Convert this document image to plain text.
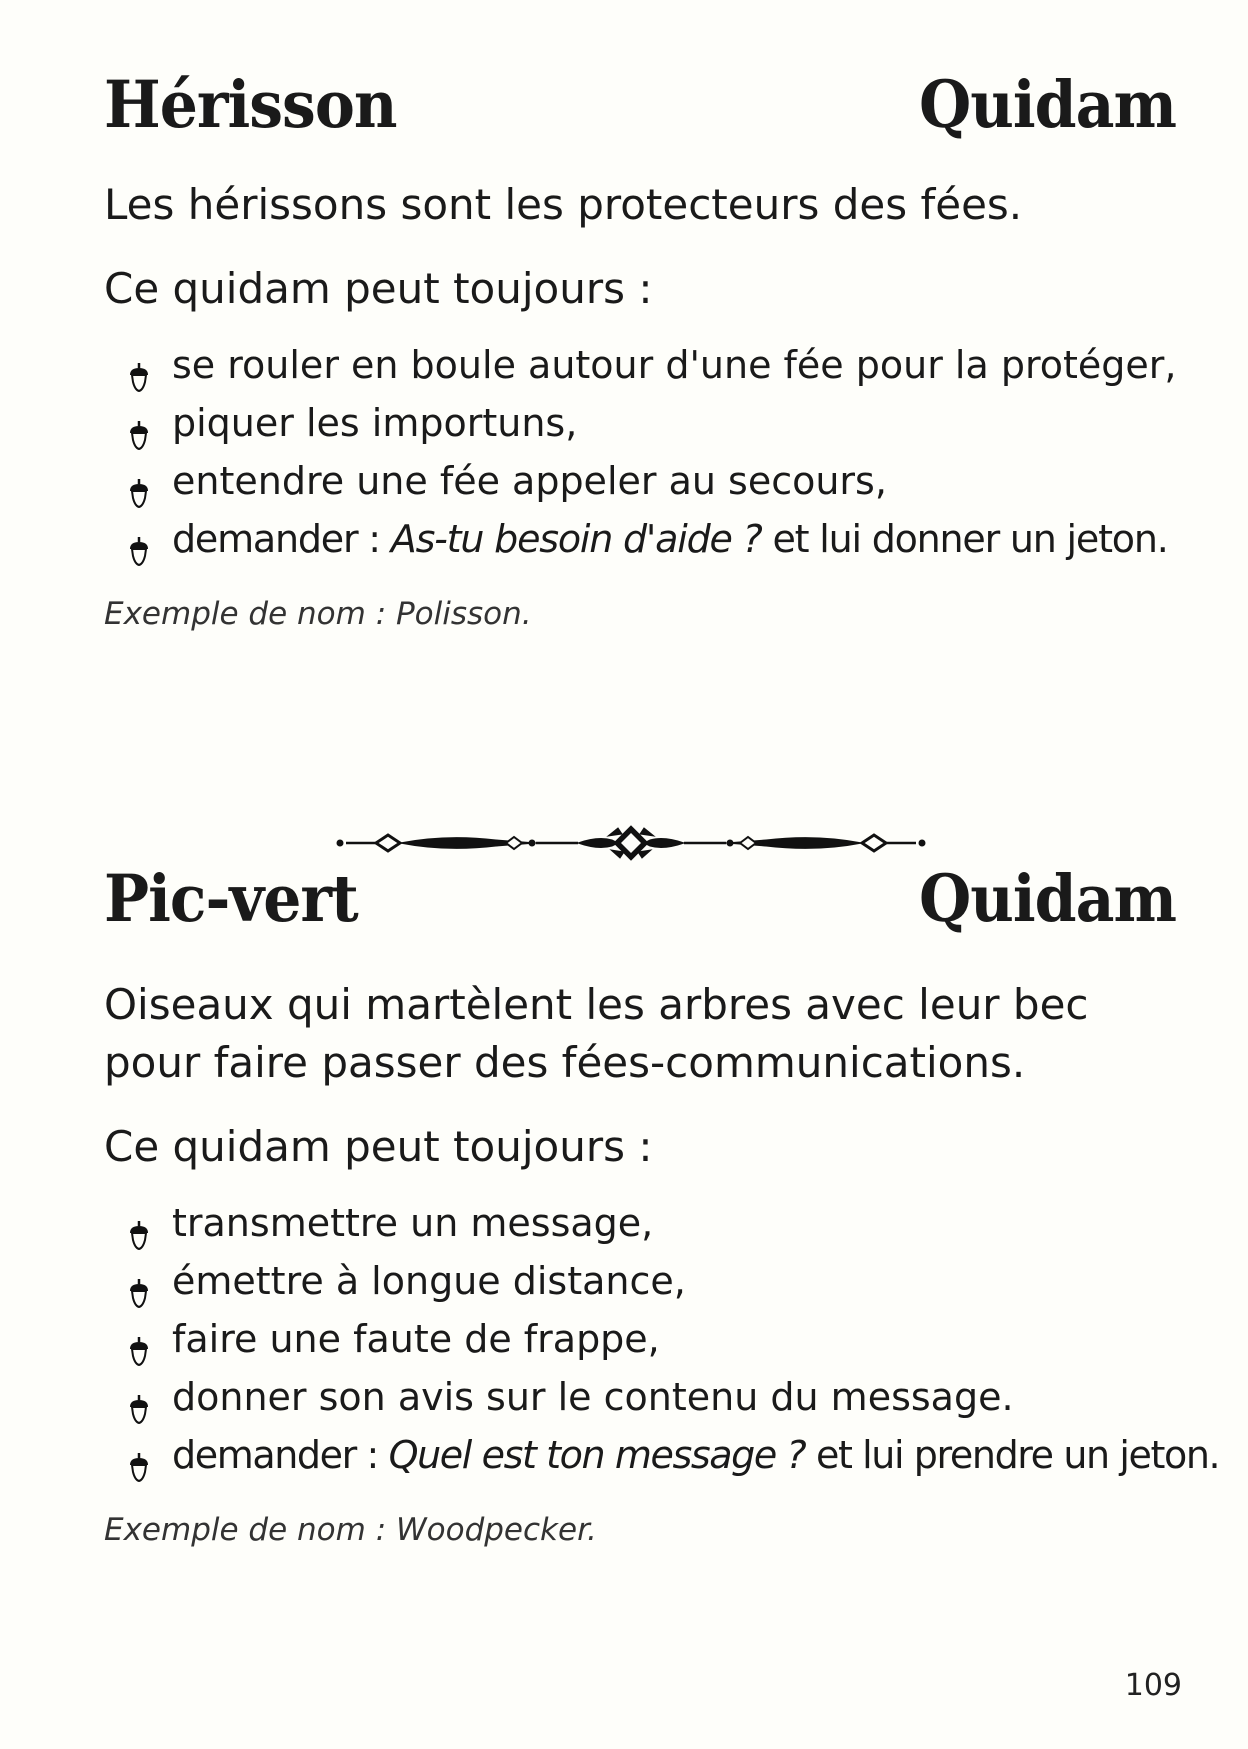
Hérisson	Quidam

Les hérissons sont les protecteurs des fées.

Ce quidam peut toujours :

se rouler en boule autour d'une fée pour la protéger,
piquer les importuns,
entendre une fée appeler au secours,
demander : As-tu besoin d'aide ? et lui donner un jeton.

Exemple de nom : Polisson.

Pic-vert	Quidam

Oiseaux qui martèlent les arbres avec leur bec pour faire passer des fées-communications.

Ce quidam peut toujours :

transmettre un message,
émettre à longue distance,
faire une faute de frappe,
donner son avis sur le contenu du message.
demander : Quel est ton message ? et lui prendre un jeton.

Exemple de nom : Woodpecker.

109
